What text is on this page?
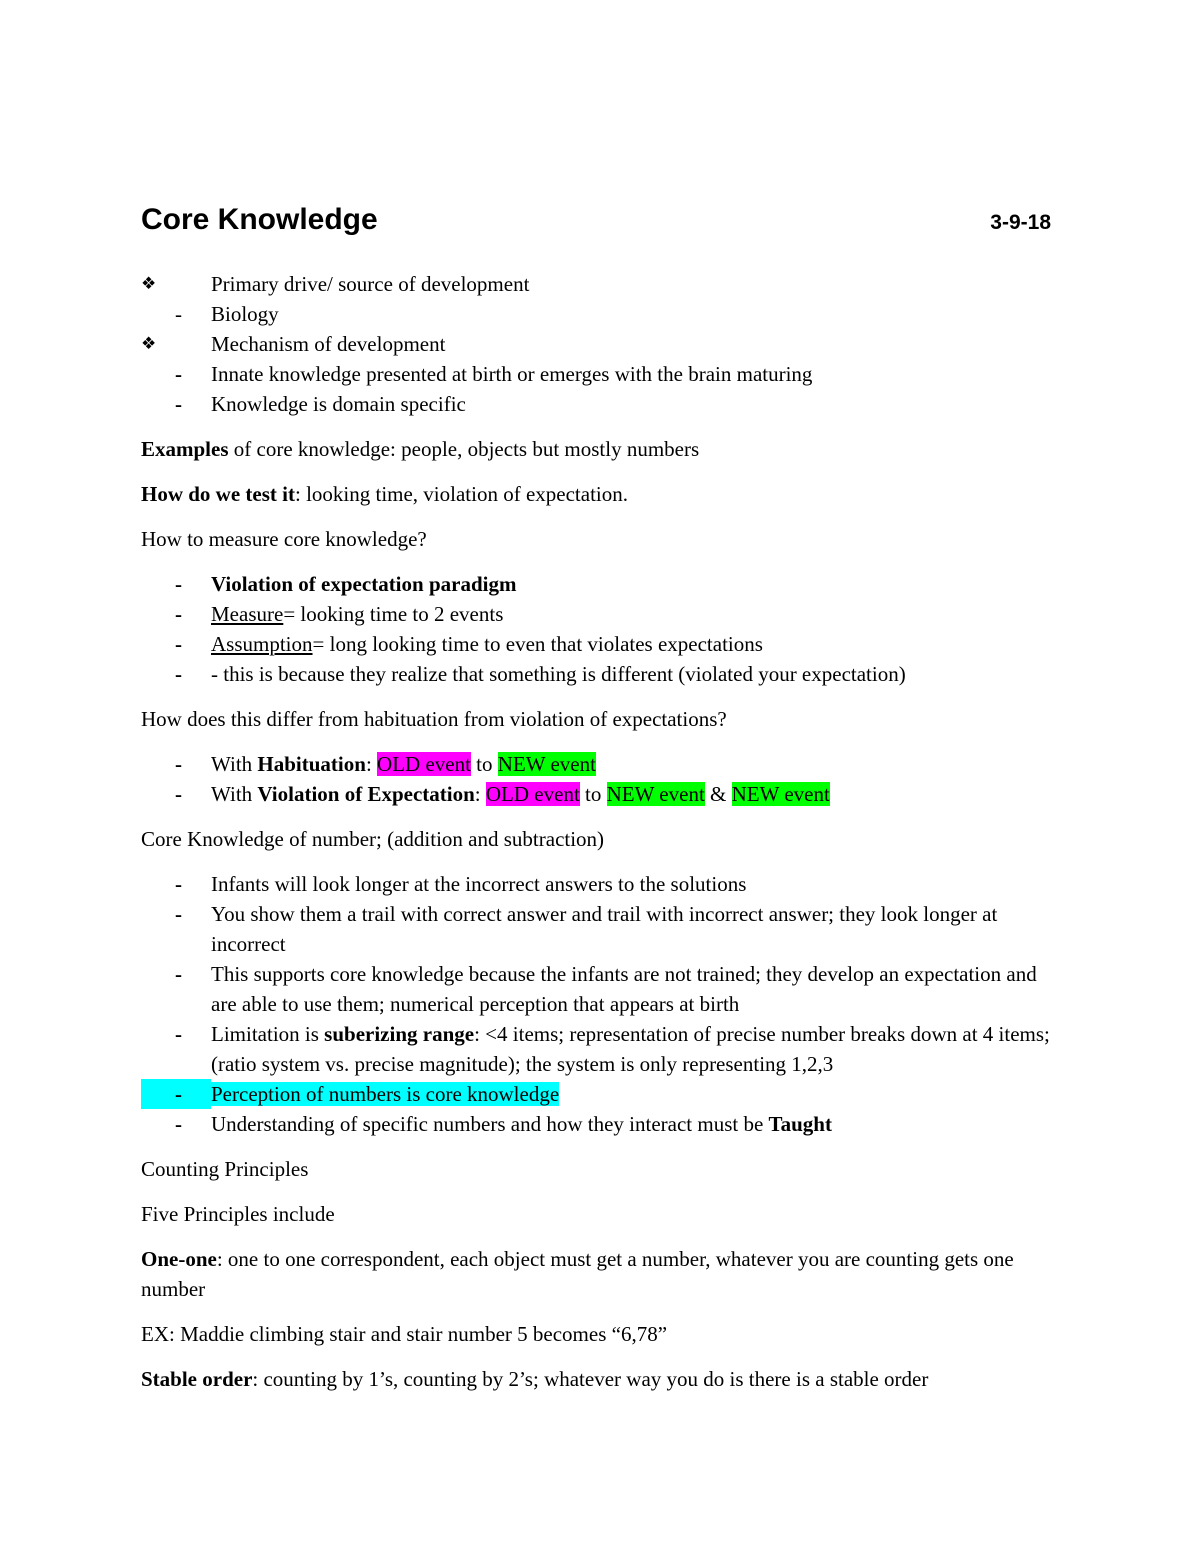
Core Knowledge	3-9-18
❖	Primary drive/ source of development
-	Biology
❖	Mechanism of development
-	Innate knowledge presented at birth or emerges with the brain maturing
-	Knowledge is domain specific

Examples of core knowledge: people, objects but mostly numbers

How do we test it: looking time, violation of expectation.

How to measure core knowledge?

-	Violation of expectation paradigm
-	Measure= looking time to 2 events
-	Assumption= long looking time to even that violates expectations
-	- this is because they realize that something is different (violated your expectation)

How does this differ from habituation from violation of expectations?

-	With Habituation: OLD event to NEW event
-	With Violation of Expectation: OLD event to NEW event & NEW event

Core Knowledge of number; (addition and subtraction)

-	Infants will look longer at the incorrect answers to the solutions
-	You show them a trail with correct answer and trail with incorrect answer; they look longer at incorrect
-	This supports core knowledge because the infants are not trained; they develop an expectation and are able to use them; numerical perception that appears at birth
-	Limitation is suberizing range: <4 items; representation of precise number breaks down at 4 items; (ratio system vs. precise magnitude); the system is only representing 1,2,3
-	Perception of numbers is core knowledge
-	Understanding of specific numbers and how they interact must be Taught

Counting Principles

Five Principles include

One-one: one to one correspondent, each object must get a number, whatever you are counting gets one number

EX: Maddie climbing stair and stair number 5 becomes “6,78”

Stable order: counting by 1’s, counting by 2’s; whatever way you do is there is a stable order
